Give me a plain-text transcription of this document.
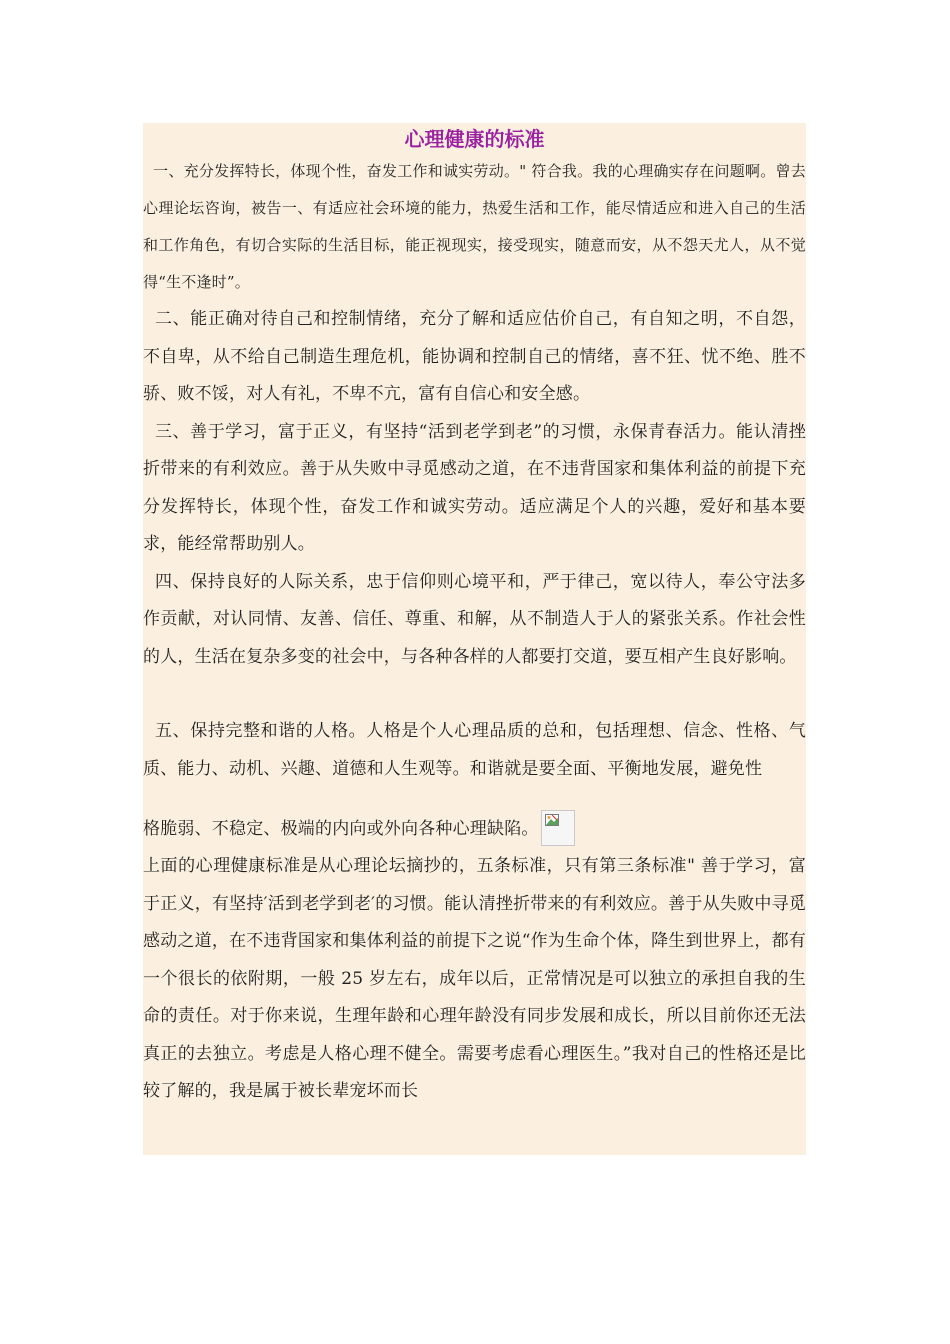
心理健康的标准

一、充分发挥特长，体现个性，奋发工作和诚实劳动。" 符合我。我的心理确实存在问题啊。曾去心理论坛咨询，被告一、有适应社会环境的能力，热爱生活和工作，能尽情适应和进入自己的生活和工作角色，有切合实际的生活目标，能正视现实，接受现实，随意而安，从不怨天尤人，从不觉得“生不逢时”。

二、能正确对待自己和控制情绪，充分了解和适应估价自己，有自知之明，不自怨，不自卑，从不给自己制造生理危机，能协调和控制自己的情绪，喜不狂、忧不绝、胜不骄、败不馁，对人有礼，不卑不亢，富有自信心和安全感。

三、善于学习，富于正义，有坚持“活到老学到老”的习惯，永保青春活力。能认清挫折带来的有利效应。善于从失败中寻觅感动之道，在不违背国家和集体利益的前提下充分发挥特长，体现个性，奋发工作和诚实劳动。适应满足个人的兴趣，爱好和基本要求，能经常帮助别人。

四、保持良好的人际关系，忠于信仰则心境平和，严于律己，宽以待人，奉公守法多作贡献，对认同情、友善、信任、尊重、和解，从不制造人于人的紧张关系。作社会性的人，生活在复杂多变的社会中，与各种各样的人都要打交道，要互相产生良好影响。

五、保持完整和谐的人格。人格是个人心理品质的总和，包括理想、信念、性格、气质、能力、动机、兴趣、道德和人生观等。和谐就是要全面、平衡地发展，避免性

格脆弱、不稳定、极端的内向或外向各种心理缺陷。

上面的心理健康标准是从心理论坛摘抄的，五条标准，只有第三条标准" 善于学习，富于正义，有坚持′活到老学到老′的习惯。能认清挫折带来的有利效应。善于从失败中寻觅感动之道，在不违背国家和集体利益的前提下之说“作为生命个体，降生到世界上，都有一个很长的依附期，一般 25 岁左右，成年以后，正常情况是可以独立的承担自我的生命的责任。对于你来说，生理年龄和心理年龄没有同步发展和成长，所以目前你还无法真正的去独立。考虑是人格心理不健全。需要考虑看心理医生。”我对自己的性格还是比较了解的，我是属于被长辈宠坏而长
